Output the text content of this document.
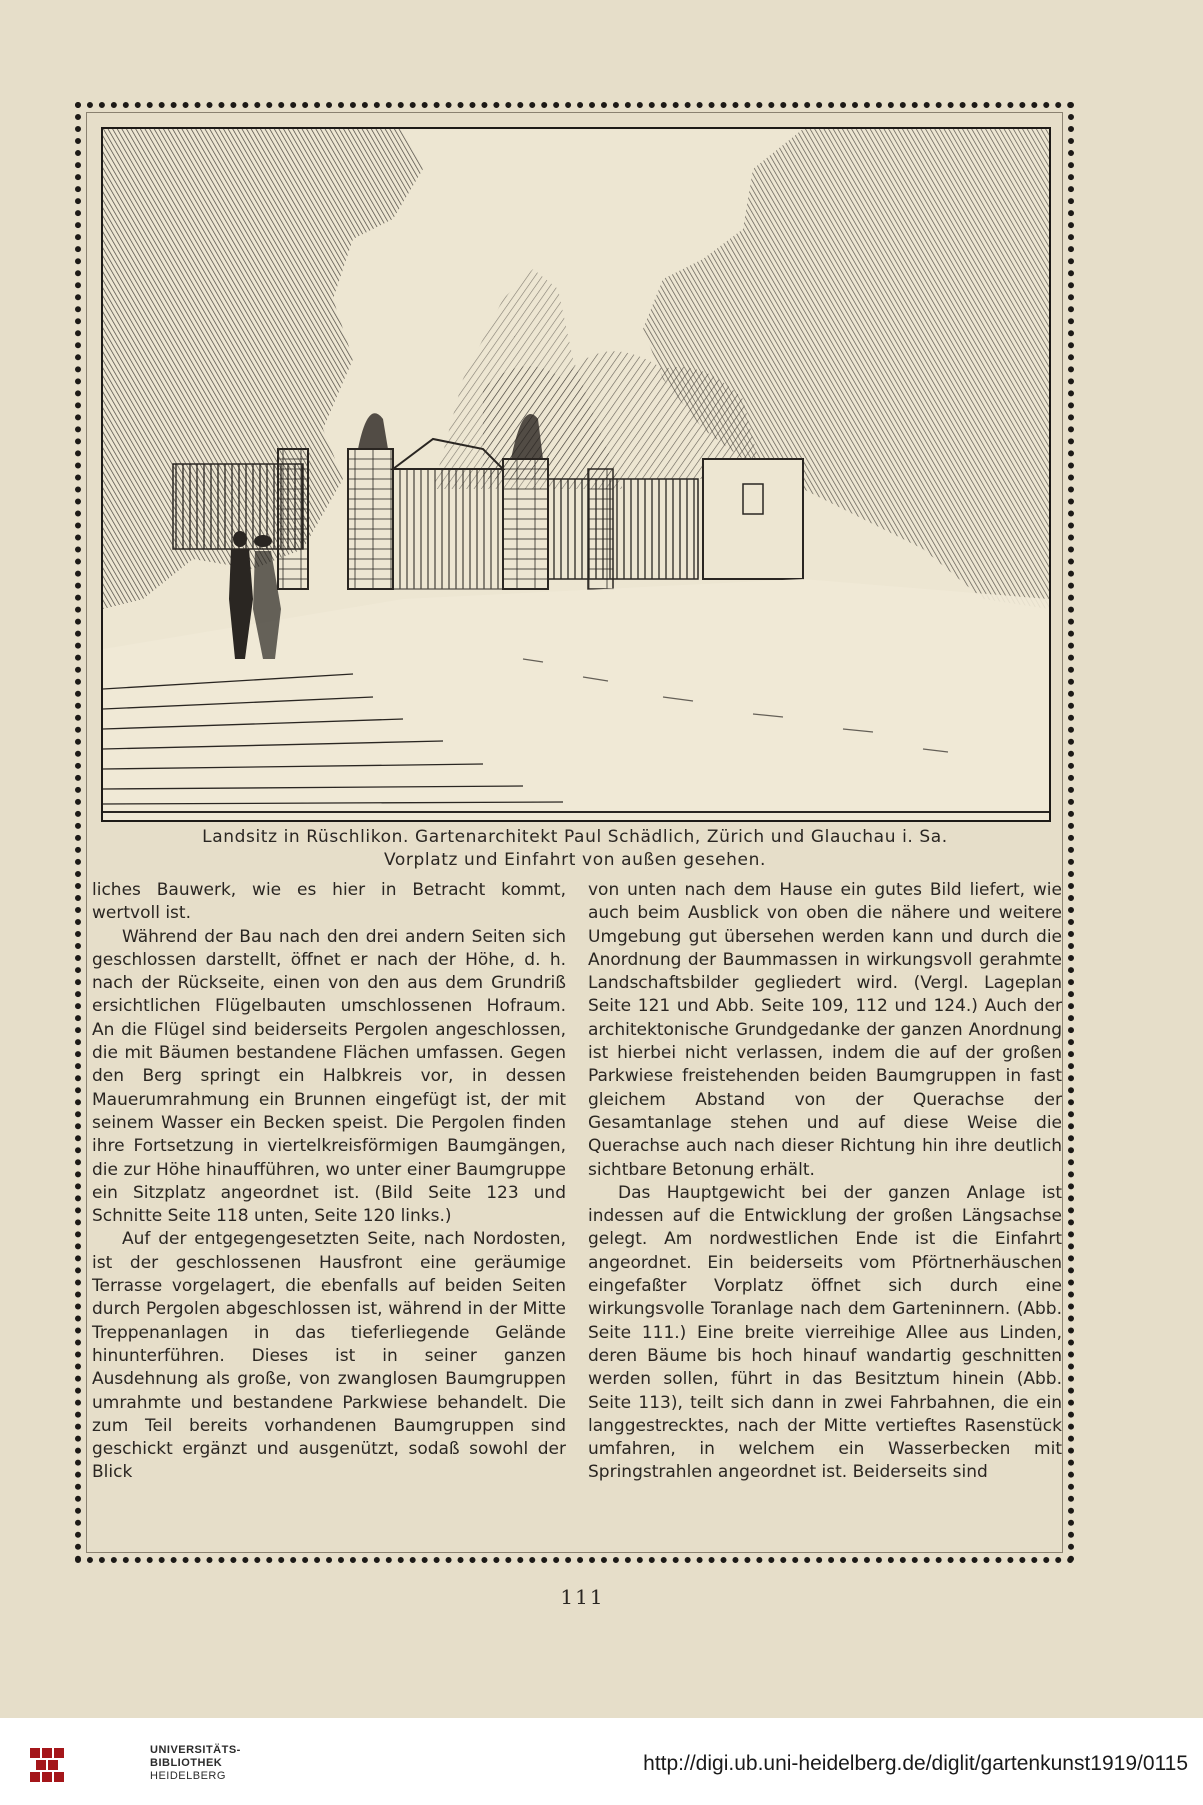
Landsitz in Rüschlikon. Gartenarchitekt Paul Schädlich, Zürich und Glauchau i. Sa.
Vorplatz und Einfahrt von außen gesehen.

liches Bauwerk, wie es hier in Betracht kommt, wertvoll ist.

Während der Bau nach den drei andern Seiten sich geschlossen darstellt, öffnet er nach der Höhe, d. h. nach der Rückseite, einen von den aus dem Grundriß ersichtlichen Flügelbauten umschlossenen Hofraum. An die Flügel sind beiderseits Pergolen angeschlossen, die mit Bäumen bestandene Flächen umfassen. Gegen den Berg springt ein Halbkreis vor, in dessen Mauerumrahmung ein Brunnen eingefügt ist, der mit seinem Wasser ein Becken speist. Die Pergolen finden ihre Fortsetzung in viertelkreisförmigen Baumgängen, die zur Höhe hinaufführen, wo unter einer Baumgruppe ein Sitzplatz angeordnet ist. (Bild Seite 123 und Schnitte Seite 118 unten, Seite 120 links.)

Auf der entgegengesetzten Seite, nach Nordosten, ist der geschlossenen Hausfront eine geräumige Terrasse vorgelagert, die ebenfalls auf beiden Seiten durch Pergolen abgeschlossen ist, während in der Mitte Treppenanlagen in das tieferliegende Gelände hinunterführen. Dieses ist in seiner ganzen Ausdehnung als große, von zwanglosen Baumgruppen umrahmte und bestandene Parkwiese behandelt. Die zum Teil bereits vorhandenen Baumgruppen sind geschickt ergänzt und ausgenützt, sodaß sowohl der Blick

von unten nach dem Hause ein gutes Bild liefert, wie auch beim Ausblick von oben die nähere und weitere Umgebung gut übersehen werden kann und durch die Anordnung der Baummassen in wirkungsvoll gerahmte Landschaftsbilder gegliedert wird. (Vergl. Lageplan Seite 121 und Abb. Seite 109, 112 und 124.) Auch der architektonische Grundgedanke der ganzen Anordnung ist hierbei nicht verlassen, indem die auf der großen Parkwiese freistehenden beiden Baumgruppen in fast gleichem Abstand von der Querachse der Gesamtanlage stehen und auf diese Weise die Querachse auch nach dieser Richtung hin ihre deutlich sichtbare Betonung erhält.

Das Hauptgewicht bei der ganzen Anlage ist indessen auf die Entwicklung der großen Längsachse gelegt. Am nordwestlichen Ende ist die Einfahrt angeordnet. Ein beiderseits vom Pförtnerhäuschen eingefaßter Vorplatz öffnet sich durch eine wirkungsvolle Toranlage nach dem Garteninnern. (Abb. Seite 111.) Eine breite vierreihige Allee aus Linden, deren Bäume bis hoch hinauf wandartig geschnitten werden sollen, führt in das Besitztum hinein (Abb. Seite 113), teilt sich dann in zwei Fahrbahnen, die ein langgestrecktes, nach der Mitte vertieftes Rasenstück umfahren, in welchem ein Wasserbecken mit Springstrahlen angeordnet ist. Beiderseits sind

111
UNIVERSITÄTS-
BIBLIOTHEK
HEIDELBERG
http://digi.ub.uni-heidelberg.de/diglit/gartenkunst1919/0115
